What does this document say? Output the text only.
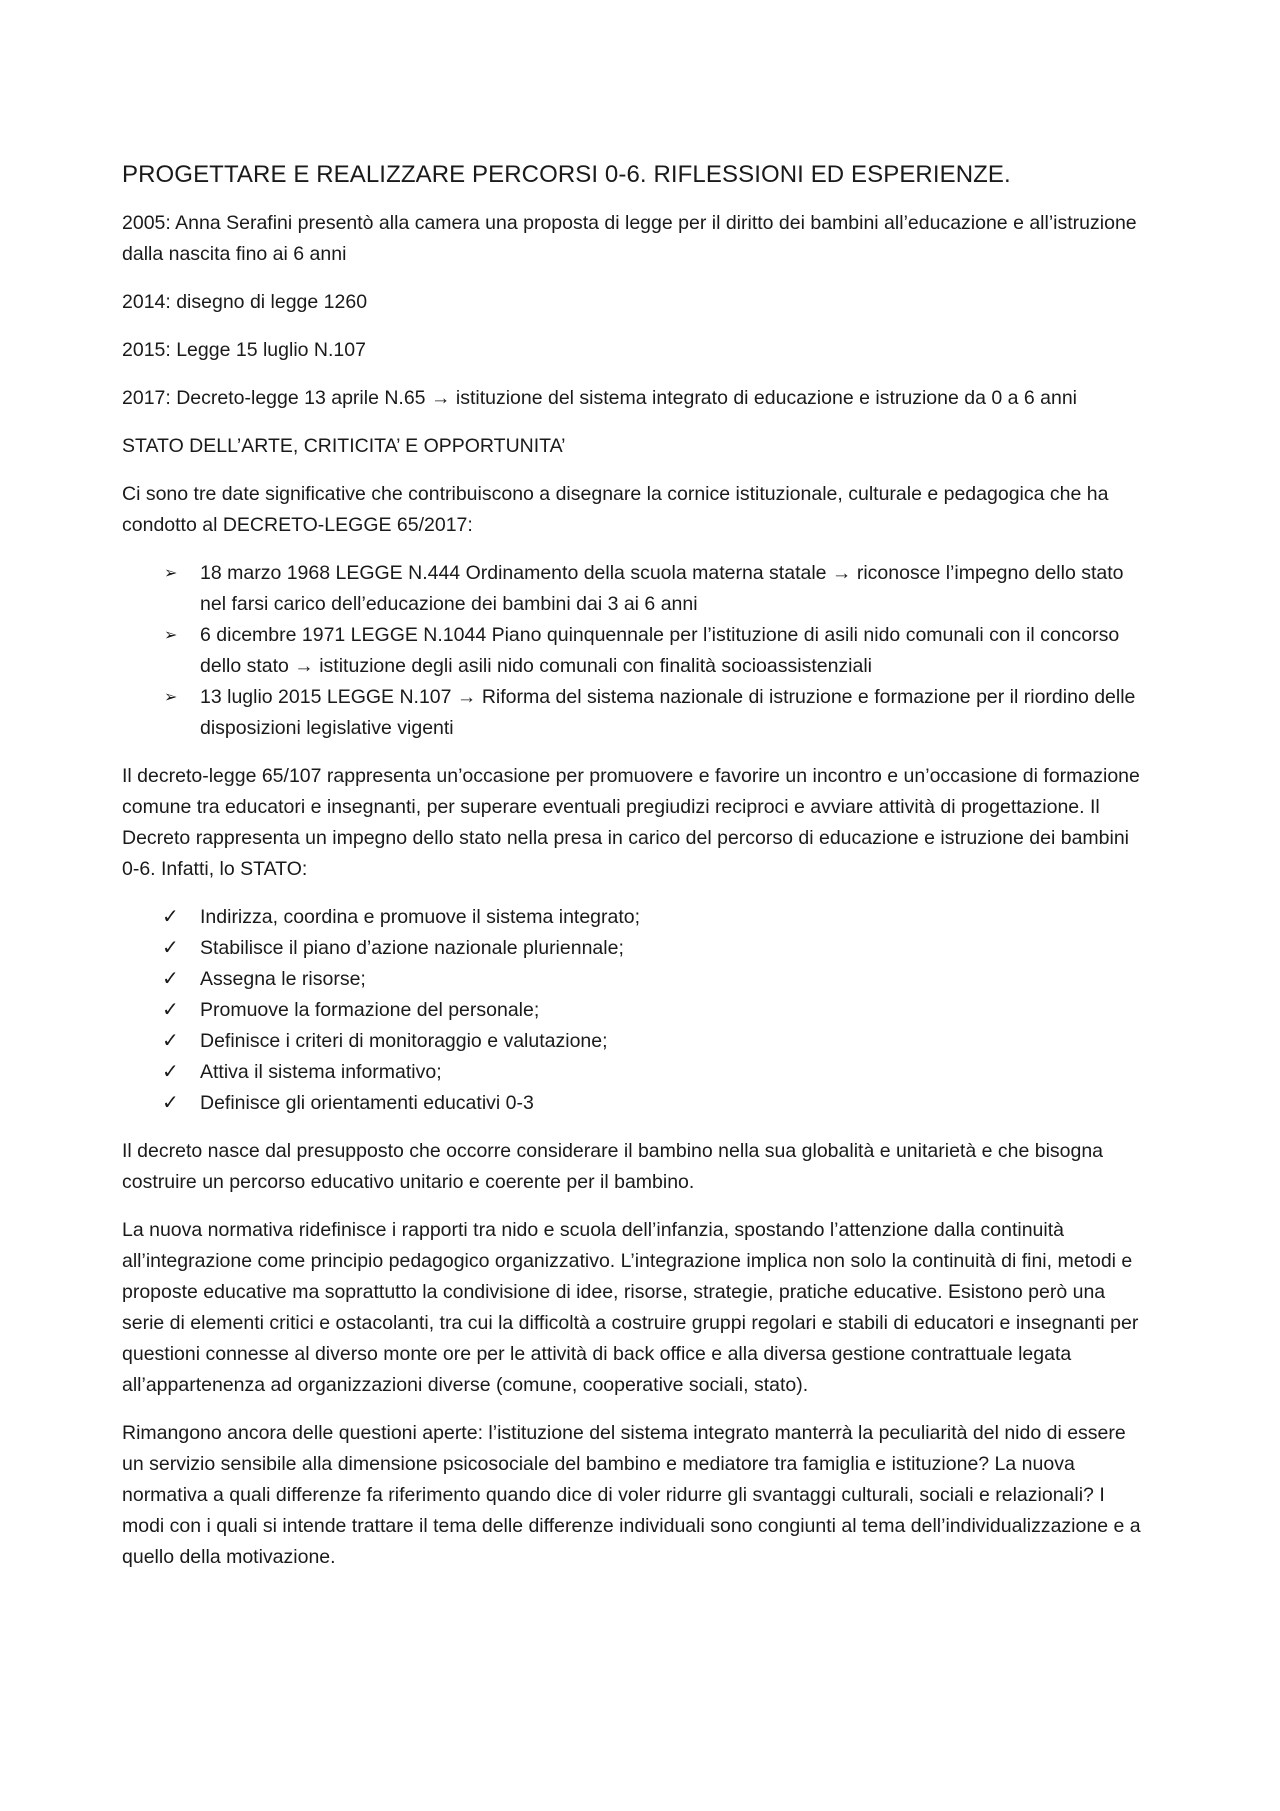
PROGETTARE E REALIZZARE PERCORSI 0-6. RIFLESSIONI ED ESPERIENZE.

2005: Anna Serafini presentò alla camera una proposta di legge per il diritto dei bambini all’educazione e all’istruzione dalla nascita fino ai 6 anni

2014: disegno di legge 1260

2015: Legge 15 luglio N.107

2017: Decreto-legge 13 aprile N.65 → istituzione del sistema integrato di educazione e istruzione da 0 a 6 anni

STATO DELL’ARTE, CRITICITA’ E OPPORTUNITA’

Ci sono tre date significative che contribuiscono a disegnare la cornice istituzionale, culturale e pedagogica che ha condotto al DECRETO-LEGGE 65/2017:

➢	18 marzo 1968 LEGGE N.444 Ordinamento della scuola materna statale → riconosce l’impegno dello stato nel farsi carico dell’educazione dei bambini dai 3 ai 6 anni
➢	6 dicembre 1971 LEGGE N.1044 Piano quinquennale per l’istituzione di asili nido comunali con il concorso dello stato → istituzione degli asili nido comunali con finalità socioassistenziali
➢	13 luglio 2015 LEGGE N.107 → Riforma del sistema nazionale di istruzione e formazione per il riordino delle disposizioni legislative vigenti

Il decreto-legge 65/107 rappresenta un’occasione per promuovere e favorire un incontro e un’occasione di formazione comune tra educatori e insegnanti, per superare eventuali pregiudizi reciproci e avviare attività di progettazione. Il Decreto rappresenta un impegno dello stato nella presa in carico del percorso di educazione e istruzione dei bambini 0-6. Infatti, lo STATO:

✓ Indirizza, coordina e promuove il sistema integrato;
✓ Stabilisce il piano d’azione nazionale pluriennale;
✓ Assegna le risorse;
✓ Promuove la formazione del personale;
✓ Definisce i criteri di monitoraggio e valutazione;
✓ Attiva il sistema informativo;
✓ Definisce gli orientamenti educativi 0-3

Il decreto nasce dal presupposto che occorre considerare il bambino nella sua globalità e unitarietà e che bisogna costruire un percorso educativo unitario e coerente per il bambino.

La nuova normativa ridefinisce i rapporti tra nido e scuola dell’infanzia, spostando l’attenzione dalla continuità all’integrazione come principio pedagogico organizzativo. L’integrazione implica non solo la continuità di fini, metodi e proposte educative ma soprattutto la condivisione di idee, risorse, strategie, pratiche educative. Esistono però una serie di elementi critici e ostacolanti, tra cui la difficoltà a costruire gruppi regolari e stabili di educatori e insegnanti per questioni connesse al diverso monte ore per le attività di back office e alla diversa gestione contrattuale legata all’appartenenza ad organizzazioni diverse (comune, cooperative sociali, stato).

Rimangono ancora delle questioni aperte: l’istituzione del sistema integrato manterrà la peculiarità del nido di essere un servizio sensibile alla dimensione psicosociale del bambino e mediatore tra famiglia e istituzione? La nuova normativa a quali differenze fa riferimento quando dice di voler ridurre gli svantaggi culturali, sociali e relazionali? I modi con i quali si intende trattare il tema delle differenze individuali sono congiunti al tema dell’individualizzazione e a quello della motivazione.
